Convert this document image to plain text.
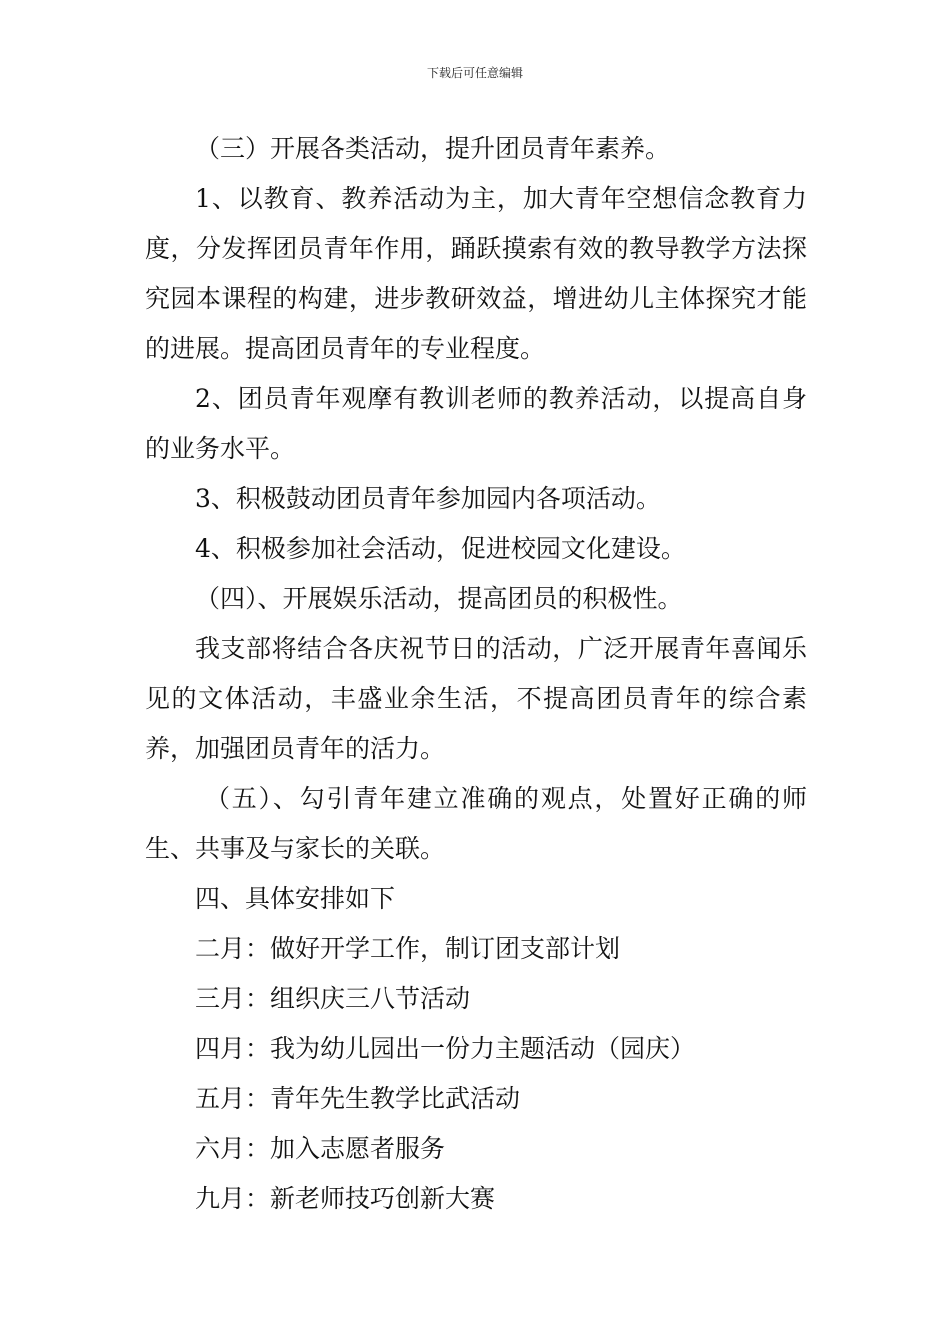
下载后可任意编辑

（三）开展各类活动，提升团员青年素养。

1、以教育、教养活动为主，加大青年空想信念教育力度，分发挥团员青年作用，踊跃摸索有效的教导教学方法探究园本课程的构建，进步教研效益，增进幼儿主体探究才能的进展。提高团员青年的专业程度。

2、团员青年观摩有教训老师的教养活动，以提高自身的业务水平。

3、积极鼓动团员青年参加园内各项活动。

4、积极参加社会活动，促进校园文化建设。

（四）、开展娱乐活动，提高团员的积极性。

我支部将结合各庆祝节日的活动，广泛开展青年喜闻乐见的文体活动，丰盛业余生活，不提高团员青年的综合素养，加强团员青年的活力。

（五）、勾引青年建立准确的观点，处置好正确的师生、共事及与家长的关联。

四、具体安排如下

二月：做好开学工作，制订团支部计划

三月：组织庆三八节活动

四月：我为幼儿园出一份力主题活动（园庆）

五月：青年先生教学比武活动

六月：加入志愿者服务

九月：新老师技巧创新大赛
